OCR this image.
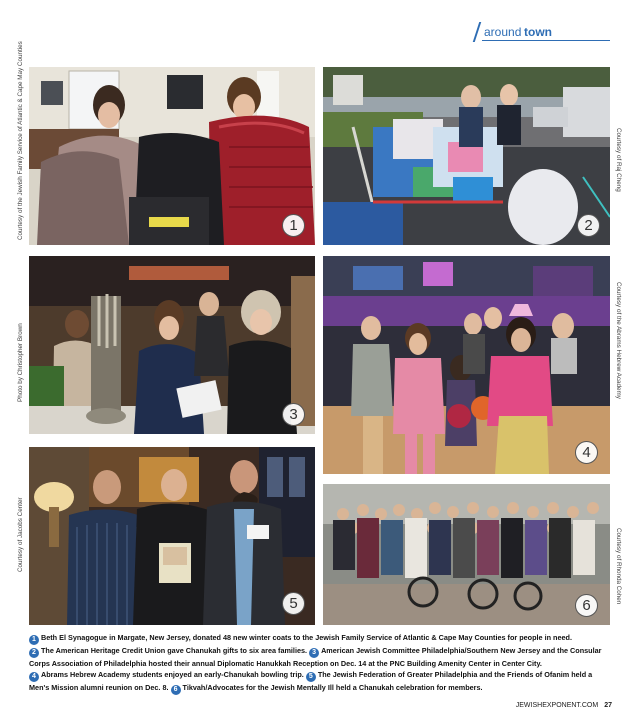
around town
1
Courtesy of the Jewish Family Service of Atlantic & Cape May Counties	2
Courtesy of Raj Cheng
3
Photo by Christopher Brown
4
Courtesy of the Abrams Hebrew Academy
5
Courtesy of Jacobs Center
6
Courtesy of Rhonda Cohen
1 Beth El Synagogue in Margate, New Jersey, donated 48 new winter coats to the Jewish Family Service of Atlantic & Cape May Counties for people in need.
2 The American Heritage Credit Union gave Chanukah gifts to six area families. 3 American Jewish Committee Philadelphia/Southern New Jersey and the Consular Corps Association of Philadelphia hosted their annual Diplomatic Hanukkah Reception on Dec. 14 at the PNC Building Amenity Center in Center City.
4 Abrams Hebrew Academy students enjoyed an early-Chanukah bowling trip. 5 The Jewish Federation of Greater Philadelphia and the Friends of Ofanim held a Men's Mission alumni reunion on Dec. 8. 6 Tikvah/Advocates for the Jewish Mentally Ill held a Chanukah celebration for members.
JEWISHEXPONENT.COM 27
